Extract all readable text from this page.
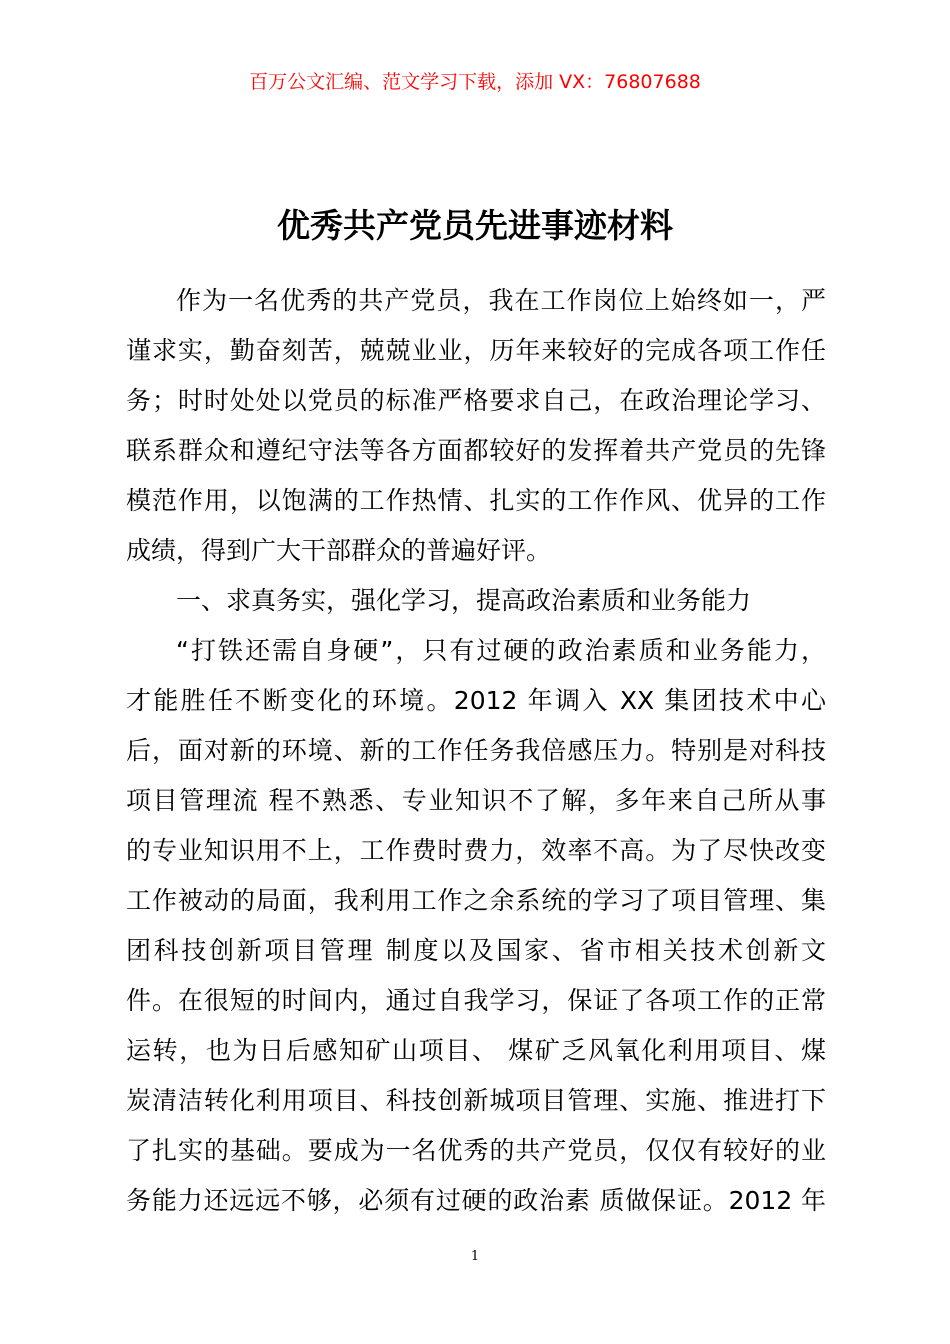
百万公文汇编、范文学习下载，添加 VX：76807688
优秀共产党员先进事迹材料
作为一名优秀的共产党员，我在工作岗位上始终如一，严
谨求实，勤奋刻苦，兢兢业业，历年来较好的完成各项工作任
务；时时处处以党员的标准严格要求自己，在政治理论学习、
联系群众和遵纪守法等各方面都较好的发挥着共产党员的先锋
模范作用，以饱满的工作热情、扎实的工作作风、优异的工作
成绩，得到广大干部群众的普遍好评。
一、求真务实，强化学习，提高政治素质和业务能力
“打铁还需自身硬”，只有过硬的政治素质和业务能力，
才能胜任不断变化的环境。2012 年调入 XX 集团技术中心
后，面对新的环境、新的工作任务我倍感压力。特别是对科技
项目管理流 程不熟悉、专业知识不了解，多年来自己所从事
的专业知识用不上，工作费时费力，效率不高。为了尽快改变
工作被动的局面，我利用工作之余系统的学习了项目管理、集
团科技创新项目管理 制度以及国家、省市相关技术创新文
件。在很短的时间内，通过自我学习，保证了各项工作的正常
运转，也为日后感知矿山项目、 煤矿乏风氧化利用项目、煤
炭清洁转化利用项目、科技创新城项目管理、实施、推进打下
了扎实的基础。要成为一名优秀的共产党员，仅仅有较好的业
务能力还远远不够，必须有过硬的政治素 质做保证。2012 年
1
